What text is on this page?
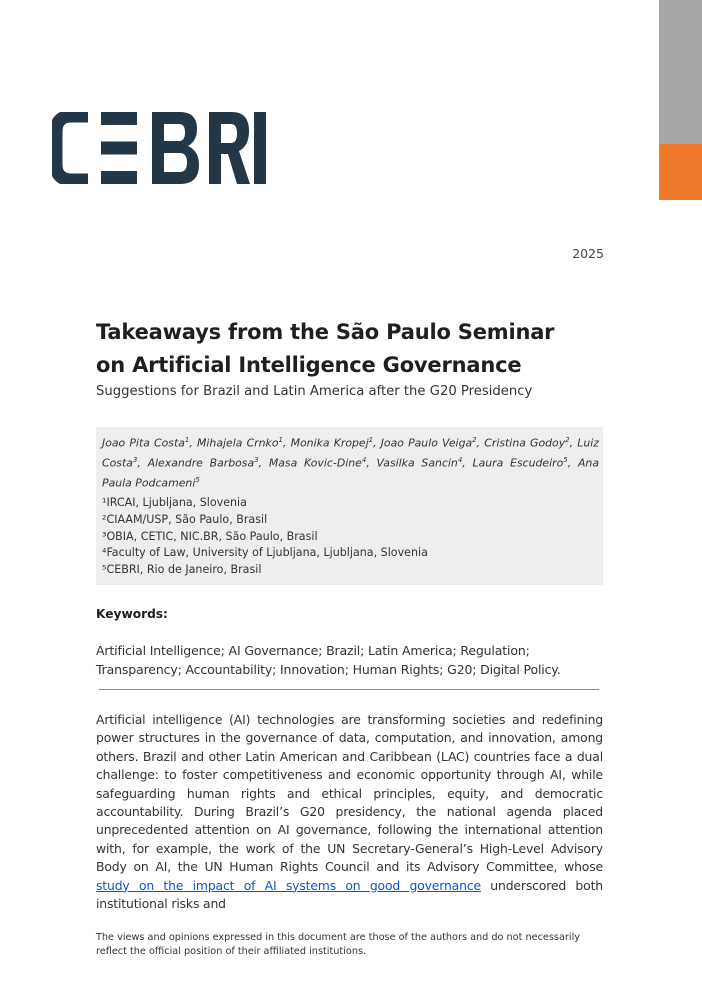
2025
Takeaways from the São Paulo Seminar
on Artificial Intelligence Governance
Suggestions for Brazil and Latin America after the G20 Presidency
Joao Pita Costa$^1$, Mihajela Crnko$^1$, Monika Kropej$^1$, Joao Paulo Veiga$^2$, Cristina Godoy$^2$, Luiz Costa$^3$, Alexandre Barbosa$^3$, Masa Kovic-Dine$^4$, Vasilka Sancin$^4$, Laura Escudeiro$^5$, Ana Paula Podcameni$^5$
¹IRCAI, Ljubljana, Slovenia
²CIAAM/USP, São Paulo, Brasil
³OBIA, CETIC, NIC.BR, São Paulo, Brasil
⁴Faculty of Law, University of Ljubljana, Ljubljana, Slovenia
⁵CEBRI, Rio de Janeiro, Brasil
Keywords:
Artificial Intelligence; AI Governance; Brazil; Latin America; Regulation; Transparency; Accountability; Innovation; Human Rights; G20; Digital Policy.
Artificial intelligence (AI) technologies are transforming societies and redefining power structures in the governance of data, computation, and innovation, among others. Brazil and other Latin American and Caribbean (LAC) countries face a dual challenge: to foster competitiveness and economic opportunity through AI, while safeguarding human rights and ethical principles, equity, and democratic accountability. During Brazil’s G20 presidency, the national agenda placed unprecedented attention on AI governance, following the international attention with, for example, the work of the UN Secretary-General’s High-Level Advisory Body on AI, the UN Human Rights Council and its Advisory Committee, whose study on the impact of AI systems on good governance underscored both institutional risks and
The views and opinions expressed in this document are those of the authors and do not necessarily reflect the official position of their affiliated institutions.
